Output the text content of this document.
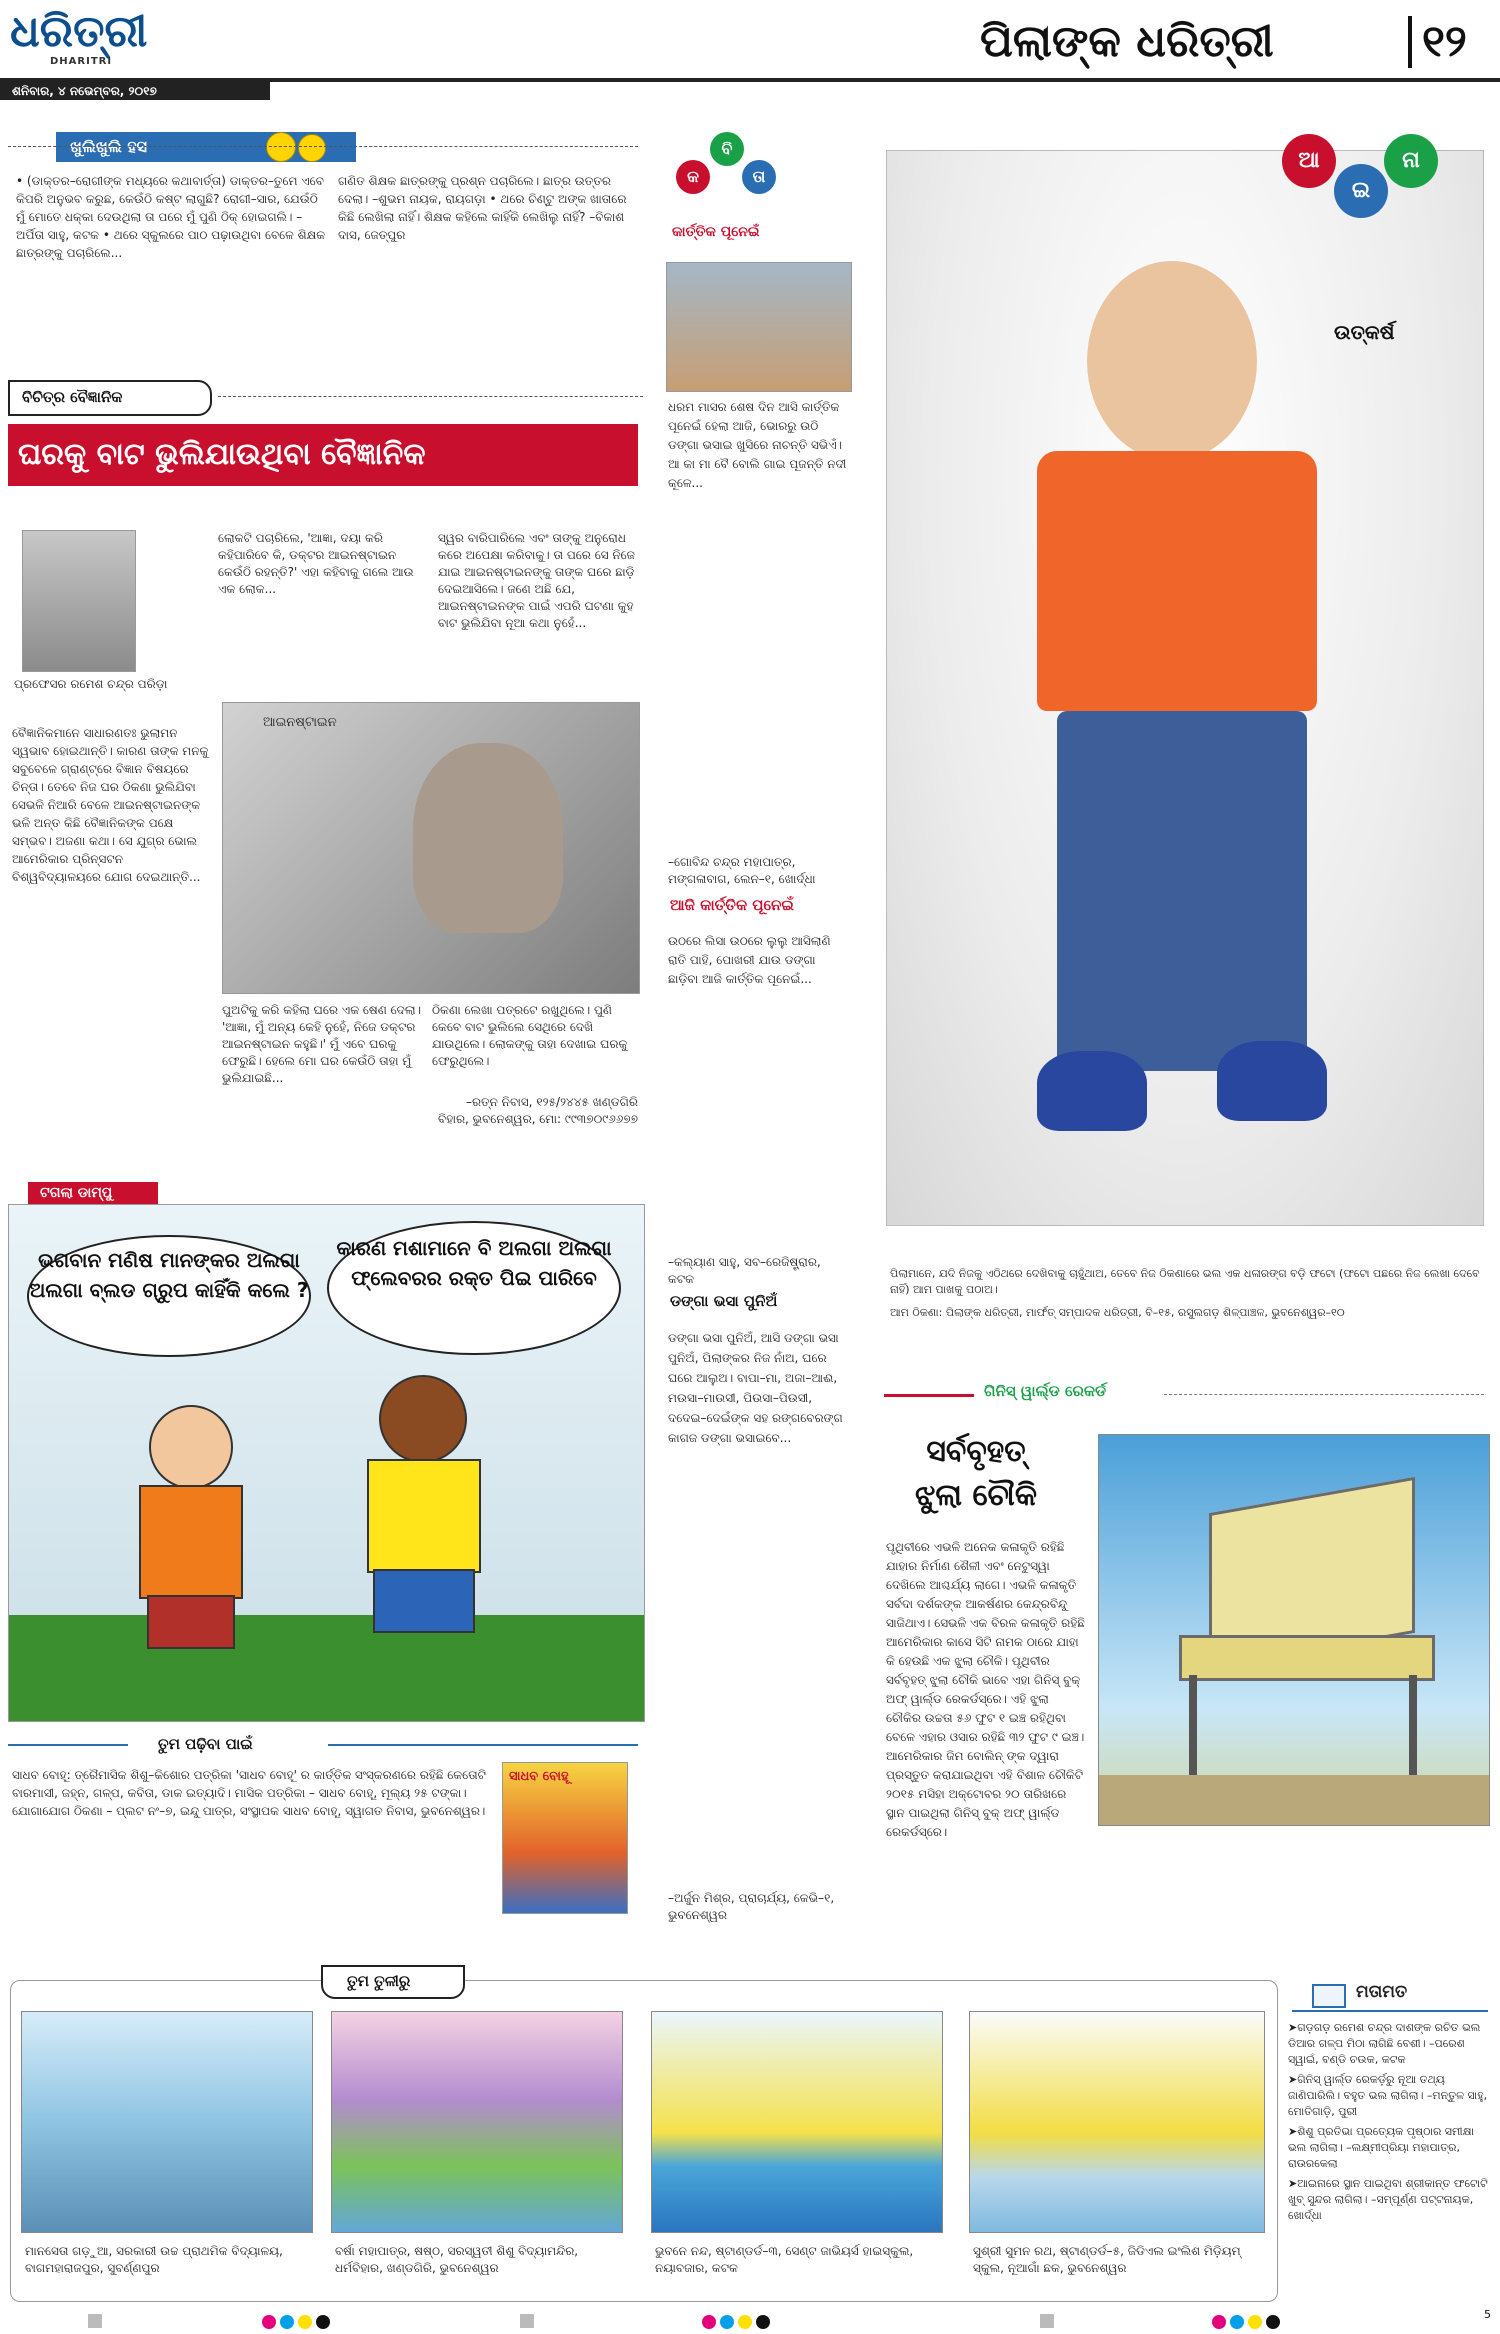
ଧରିତ୍ରୀ
DHARITRI
ଶନିବାର, ୪ ନଭେମ୍ବର, ୨୦୧୭
ପିଲାଙ୍କ ଧରିତ୍ରୀ	୧୨
ଖୁଲିଖୁଲି ହସ
• (ଡାକ୍ତର–ରୋଗୀଙ୍କ ମଧ୍ୟରେ କଥାବାର୍ତ୍ତା) ଡାକ୍ତର–ତୁମେ ଏବେ କିପରି ଅନୁଭବ କରୁଛ, କେଉଁଠି କଷ୍ଟ ଲାଗୁଛି? ରୋଗୀ–ସାର, ଯେଉଁଠି ମୁଁ ମୋତେ ଧକ୍କା ଦେଉଥିଲା ତା ପରେ ମୁଁ ପୁଣି ଠିକ୍ ହୋଇଗଲି। –ଅର୍ପିତା ସାହୁ, କଟକ • ଥରେ ସ୍କୁଲରେ ପାଠ ପଢ଼ାଉଥିବା ବେଳେ ଶିକ୍ଷକ ଛାତ୍ରଙ୍କୁ ପଚାରିଲେ...
ଗଣିତ ଶିକ୍ଷକ ଛାତ୍ରଙ୍କୁ ପ୍ରଶ୍ନ ପଚାରିଲେ। ଛାତ୍ର ଉତ୍ତର ଦେଲା। –ଶୁଭମ ନାୟକ, ରାୟଗଡ଼ା • ଥରେ ଚିଣ୍ଟୁ ଅଙ୍କ ଖାତାରେ କିଛି ଲେଖିଲା ନାହିଁ। ଶିକ୍ଷକ କହିଲେ କାହିଁକି ଲେଖିଲୁ ନାହିଁ? –ବିକାଶ ଦାସ, ଜେତ୍ପୁର
ବିଚିତ୍ର ବୈଜ୍ଞାନିକ
ଘରକୁ ବାଟ ଭୁଲିଯାଉଥିବା ବୈଜ୍ଞାନିକ
ପ୍ରଫେସର ରମେଶ ଚନ୍ଦ୍ର ପରିଡ଼ା
ଲୋକଟି ପଚାରିଲେ, 'ଆଜ୍ଞା, ଦୟା କରି କହିପାରିବେ କି, ଡକ୍ଟର ଆଇନଷ୍ଟାଇନ କେଉଁଠି ରହନ୍ତି?' ଏହା କହିବାକୁ ଗଲେ ଆଉ ଏକ ଲୋକ...
ସ୍ୱର ବାରିପାରିଲେ ଏବଂ ତାଙ୍କୁ ଅନୁରୋଧ କରେ ଅପେକ୍ଷା କରିବାକୁ। ତା ପରେ ସେ ନିଜେ ଯାଇ ଆଇନଷ୍ଟାଇନଙ୍କୁ ତାଙ୍କ ଘରେ ଛାଡ଼ି ଦେଇଆସିଲେ। ଜଣେ ଅଛି ଯେ, ଆଇନଷ୍ଟାଇନଙ୍କ ପାଇଁ ଏପରି ଘଟଣା କୁହ ବାଟ ଭୁଲିଯିବା ନୂଆ କଥା ନୁହେଁ...
ଆଇନଷ୍ଟାଇନ
ବୈଜ୍ଞାନିକମାନେ ସାଧାରଣତଃ ଭୁଲାମନ ସ୍ୱଭାବ ହୋଇଥାନ୍ତି। କାରଣ ତାଙ୍କ ମନକୁ ସବୁବେଳେ ଗ୍ରାଣ୍ଟ୍‌ରେ ବିଜ୍ଞାନ ବିଷୟରେ ଚିନ୍ତା। ତେବେ ନିଜ ଘର ଠିକଣା ଭୁଲିଯିବା ସେଭଳି ନିଆରି ବେଳେ ଆଇନଷ୍ଟାଇନଙ୍କ ଭଳି ଅନ୍ତ କିଛି ବୈଜ୍ଞାନିକଙ୍କ ପକ୍ଷେ ସମ୍ଭବ। ଅଜଣା କଥା। ସେ ଯୁଗ୍ର ଭୋଲ ଆମେରିକାର ପ୍ରିନ୍ସଟନ ବିଶ୍ୱବିଦ୍ୟାଳୟରେ ଯୋଗ ଦେଇଥାନ୍ତି...
ପୁଅଟିକୁ କରି କହିଲା ଘରେ ଏକ ଷେଣ ଦେଲା। 'ଆଜ୍ଞା, ମୁଁ ଅନ୍ୟ କେହି ନୁହେଁ, ନିଜେ ଡକ୍ଟର ଆଇନଷ୍ଟାଇନ କହୁଛି।' ମୁଁ ଏବେ ଘରକୁ ଫେରୁଛି। ହେଲେ ମୋ ଘର କେଉଁଠି ତାହା ମୁଁ ଭୁଲିଯାଇଛି...
ଠିକଣା ଲେଖା ପତ୍ରଟେ ରଖୁଥିଲେ। ପୁଣି କେବେ ବାଟ ଭୁଲିଲେ ସେଥିରେ ଦେଖି ଯାଉଥିଲେ। ଲୋକଙ୍କୁ ତାହା ଦେଖାଇ ଘରକୁ ଫେରୁଥିଲେ।
–ରତ୍ନ ନିବାସ, ୧୨୫/୨୪୪୫ ଖଣ୍ଡଗିରି ବିହାର, ଭୁବନେଶ୍ୱର, ମୋ: ୯୯୩୭୦୯୬୬୭୭
ଟଗଲା ଡାମ୍ପୁ
ଭଗବାନ ମଣିଷ ମାନଙ୍କର ଅଲଗା ଅଲଗା ବ୍ଲଡ ଗ୍ରୁପ କାହିଁକି କଲେ ?
କାରଣ ମଶାମାନେ ବି ଅଲଗା ଅଲଗା ଫ୍ଲେବରର ରକ୍ତ ପିଇ ପାରିବେ
ତୁମ ପଢ଼ିବା ପାଇଁ
ସାଧବ ବୋହୂ: ତ୍ରୈମାସିକ ଶିଶୁ–କିଶୋର ପତ୍ରିକା 'ସାଧବ ବୋହୂ' ର କାର୍ତ୍ତିକ ସଂସ୍କରଣରେ ରହିଛି କେତୋଟି ବାରମାସୀ, ଜହ୍ନ, ଗଳ୍ପ, କବିତା, ଡାକ ଇତ୍ୟାଦି। ମାସିକ ପତ୍ରିକା – ସାଧବ ବୋହୂ, ମୂଲ୍ୟ ୨୫ ଟଙ୍କା। ଯୋଗାଯୋଗ ଠିକଣା – ପ୍ଲଟ ନଂ–୭, ଇନ୍ଦୁ ପାତ୍ର, ସଂସ୍ଥାପକ ସାଧବ ବୋହୂ, ସ୍ୱାଗତ ନିବାସ, ଭୁବନେଶ୍ୱର।
ସାଧବ ବୋହୂ
କ
ବି
ତା
କାର୍ତ୍ତିକ ପୂନେଇଁ
ଧରମ ମାସର ଶେଷ ଦିନ ଆସି କାର୍ତ୍ତିକ ପୂନେଇଁ ହେଲା ଆଜି, ଭୋରରୁ ଉଠି ଡଙ୍ଗା ଭସାଇ ଖୁସିରେ ନାଚନ୍ତି ସଭିଏଁ। ଆ କା ମା ବୈ ବୋଲି ଗାଇ ପୂଜନ୍ତି ନଦୀ କୂଳେ...
–ଗୋବିନ୍ଦ ଚନ୍ଦ୍ର ମହାପାତ୍ର, ମଙ୍ଗଳାବାଗ, ଲେନ–୧, ଖୋର୍ଦ୍ଧା
ଆଜି କାର୍ତ୍ତିକ ପୂନେଇଁ
ଉଠରେ ଲିସା ଉଠରେ ଲୁଲୁ ଆସିଲାଣି ରାତି ପାହି, ପୋଖରୀ ଯାଉ ଡଙ୍ଗା ଛାଡ଼ିବା ଆଜି କାର୍ତ୍ତିକ ପୂନେଇଁ...
–କଲ୍ୟାଣ ସାହୁ, ସବ–ରେଜିଷ୍ଟ୍ରାର, କଟକ
ଡଙ୍ଗା ଭସା ପୁନିଅଁ
ଡଙ୍ଗା ଭସା ପୁନିଅଁ, ଆସି ଡଙ୍ଗା ଭସା ପୁନିଅଁ, ପିଲାଙ୍କର ନିଜ ନାଁଅ, ଘରେ ଘରେ ଆଲୁଅ। ବାପା–ମା, ଅଜା–ଆଈ, ମଉସା–ମାଉସୀ, ପିଉସା–ପିଉସୀ, ଦଦେଇ–ଦେଇଁଙ୍କ ସହ ରଙ୍ଗବେରଙ୍ଗ କାଗଜ ଡଙ୍ଗା ଭସାଇବେ...
–ଅର୍ଜୁନ ମିଶ୍ର, ପ୍ରାଚାର୍ଯ୍ୟ, କେଭି–୧, ଭୁବନେଶ୍ୱର
ଆ
ଇ
ନା
ଉତ୍କର୍ଷ
ପିଲାମାନେ, ଯଦି ନିଜକୁ ଏଠିଥରେ ଦେଖିବାକୁ ଚାହୁଁଥାଅ, ତେବେ ନିଜ ଠିକଣାରେ ଭଲ ଏକ ଧଳାରଙ୍ଗ ବଡ଼ି ଫଟୋ (ଫଟୋ ପଛରେ ନିଜ ଲେଖା ଦେବେ ନାହିଁ) ଆମ ପାଖକୁ ପଠାଅ।
ଆମ ଠିକଣା: ପିଲାଙ୍କ ଧରିତ୍ରୀ, ମାର୍ଫତ୍ ସମ୍ପାଦକ ଧରିତ୍ରୀ, ବି–୧୫, ରସୁଲଗଡ଼ ଶିଳ୍ପାଞ୍ଚଳ, ଭୁବନେଶ୍ୱର–୧୦
ଗିନିସ୍ ୱାର୍ଲ୍ଡ ରେକର୍ଡ
ସର୍ବବୃହତ୍
ଝୁଲା ଚୌକି
ପୃଥିବୀରେ ଏଭଳି ଅନେକ କଳାକୃତି ରହିଛି ଯାହାର ନିର୍ମାଣ ଶୈଳୀ ଏବଂ ନେଟୁସ୍ୱା ଦେଖିଲେ ଆଶ୍ଚର୍ଯ୍ୟ ଲାଗେ। ଏଭଳି କଳାକୃତି ସର୍ବଦା ଦର୍ଶକଙ୍କ ଆକର୍ଷଣର କେନ୍ଦ୍ରବିନ୍ଦୁ ସାଜିଥାଏ। ସେଭଳି ଏକ ବିରଳ କଳାକୃତି ରହିଛି ଆମେରିକାର କାସେ ସିଟି ନାମକ ଠାରେ ଯାହା କି ହେଉଛି ଏକ ଝୁଲା ଚୌକି। ପୃଥିବୀର ସର୍ବବୃହତ୍ ଝୁଲା ଚୌକି ଭାବେ ଏହା ଗିନିସ୍ ବୁକ୍ ଅଫ୍ ୱାର୍ଲ୍ଡ ରେକର୍ଡସ୍‌ରେ। ଏହି ଝୁଲା ଚୌକିର ଉଚ୍ଚତା ୫୬ ଫୁଟ ୧ ଇଞ୍ଚ ରହିଥିବା ବେଳେ ଏହାର ଓସାର ରହିଛି ୩୨ ଫୁଟ ୯ ଇଞ୍ଚ। ଆମେରିକାର ଜିମ ବୋଲିନ୍ ଙ୍କ ଦ୍ୱାରା ପ୍ରସ୍ତୁତ କରାଯାଇଥିବା ଏହି ବିଶାଳ ଚୌକିଟି ୨୦୧୫ ମସିହା ଅକ୍ଟୋବର ୨୦ ତାରିଖରେ ସ୍ଥାନ ପାଇଥିଲା ଗିନିସ୍ ବୁକ୍ ଅଫ୍ ୱାର୍ଲ୍ଡ ରେକର୍ଡସ୍‌ରେ।
ତୁମ ତୁଳୀରୁ
ମାନସେତା ଗଡ଼ୁଆ, ସରକାରୀ ଉଚ୍ଚ ପ୍ରାଥମିକ ବିଦ୍ୟାଳୟ, ବାଗମହାରାଜପୁର, ସୁବର୍ଣ୍ଣପୁର
ବର୍ଷା ମହାପାତ୍ର, ଷଷ୍ଠ, ସରସ୍ୱତୀ ଶିଶୁ ବିଦ୍ୟାମନ୍ଦିର, ଧର୍ମବିହାର, ଖଣ୍ଡଗିରି, ଭୁବନେଶ୍ୱର
ଭୁବନେ ନନ୍ଦ, ଷ୍ଟାଣ୍ଡର୍ଡ–୩, ସେଣ୍ଟ ଜାଭିୟର୍ସ ହାଇସ୍କୁଲ, ନୟାବଜାର, କଟକ
ସୁଶ୍ରୀ ସୁମନ ରଥ, ଷ୍ଟାଣ୍ଡର୍ଡ–୫, ଜିଡିଏଲ ଇଂଲିଶ ମିଡ଼ିୟମ୍ ସ୍କୁଲ, ନୂଆଗାଁ ଛକ, ଭୁବନେଶ୍ୱର
ମତାମତ
➤ଗଡ଼ଗଡ଼ ରମେଶ ଚନ୍ଦ୍ର ଦାଶଙ୍କ ରଚିତ ଭଲ ଡିଆର ଗଳ୍ପ ମିଠା ଲାଗିଛି ବେଶୀ। –ପରେଶ ସ୍ୱାଇଁ, ବଣ୍ଡି ଚଉକ, କଟକ
➤ଗିନିସ୍ ୱାର୍ଲ୍ଡ ରେକର୍ଡ଼ରୁ ନୂଆ ତଥ୍ୟ ଜାଣିପାରିଲି। ବହୁତ ଭଲ ଲାଗିଲା। –ମନ୍ତୁଳ ସାହୁ, ମୋତିଗାଡ଼ି, ପୁରୀ
➤ଶିଶୁ ପ୍ରତିଭା ପ୍ରତ୍ୟେକ ପୃଷ୍ଠାର ସମୀକ୍ଷା ଭଲ ଲାଗିଲା। –ଲକ୍ଷ୍ମୀପ୍ରିୟା ମହାପାତ୍ର, ରାଉରକେଲା
➤ଆଇନାରେ ସ୍ଥାନ ପାଇଥିବା ଶ୍ରୀକାନ୍ତ ଫଟୋଟି ଖୁବ୍ ସୁନ୍ଦର ଲାଗିଲା। –ସମ୍ପୂର୍ଣ୍ଣ ପଟ୍ଟନାୟକ, ଖୋର୍ଦ୍ଧା
5
